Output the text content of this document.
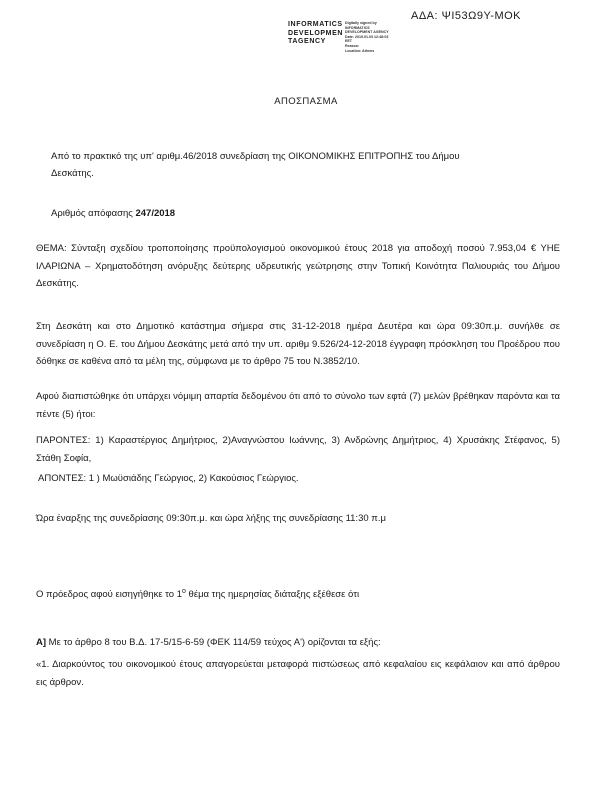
ΑΔΑ: ΨΙ53Ω9Υ-ΜΟΚ
INFORMATICS
DEVELOPMEN
TAGENCY
Digitally signed by
INFORMATICS
DEVELOPMENT AGENCY
Date: 2019.01.03 12:48:03
EET
Reason:
Location: Athens
ΑΠΟΣΠΑΣΜΑ
Από το πρακτικό της υπ' αριθμ.46/2018 συνεδρίαση της ΟΙΚΟΝΟΜΙΚΗΣ ΕΠΙΤΡΟΠΗΣ του Δήμου
Δεσκάτης.
Αριθμός απόφασης 247/2018
ΘΕΜΑ: Σύνταξη σχεδίου τροποποίησης προϋπολογισμού οικονομικού έτους 2018 για αποδοχή ποσού 7.953,04 € ΥΗΕ ΙΛΑΡΙΩΝΑ – Χρηματοδότηση ανόρυξης δεύτερης υδρευτικής γεώτρησης στην Τοπική Κοινότητα Παλιουριάς του Δήμου Δεσκάτης.
Στη Δεσκάτη και στο Δημοτικό κατάστημα σήμερα στις 31-12-2018 ημέρα Δευτέρα και ώρα 09:30π.μ. συνήλθε σε συνεδρίαση η Ο. Ε. του Δήμου Δεσκάτης μετά από την υπ. αριθμ 9.526/24-12-2018 έγγραφη πρόσκληση του Προέδρου που δόθηκε σε καθένα από τα μέλη της, σύμφωνα με το άρθρο 75 του Ν.3852/10.
Αφού διαπιστώθηκε ότι υπάρχει νόμιμη απαρτία δεδομένου ότι από το σύνολο των εφτά (7) μελών βρέθηκαν παρόντα και τα πέντε (5) ήτοι:
ΠΑΡΟΝΤΕΣ: 1) Καραστέργιος Δημήτριος, 2)Αναγνώστου Ιωάννης, 3) Ανδρώνης Δημήτριος, 4) Χρυσάκης Στέφανος, 5) Στάθη Σοφία,
ΑΠΟΝΤΕΣ: 1 ) Μωϋσιάδης Γεώργιος, 2) Κακούσιος Γεώργιος.
Ώρα έναρξης της συνεδρίασης 09:30π.μ. και ώρα λήξης της συνεδρίασης 11:30 π.μ
Ο πρόεδρος αφού εισηγήθηκε το $1^o$ θέμα της ημερησίας διάταξης εξέθεσε ότι
Α] Με το άρθρο 8 του Β.Δ. 17-5/15-6-59 (ΦΕΚ 114/59 τεύχος Α') ορίζονται τα εξής:
«1. Διαρκούντος του οικονομικού έτους απαγορεύεται μεταφορά πιστώσεως από κεφαλαίου εις κεφάλαιον και από άρθρου εις άρθρον.
